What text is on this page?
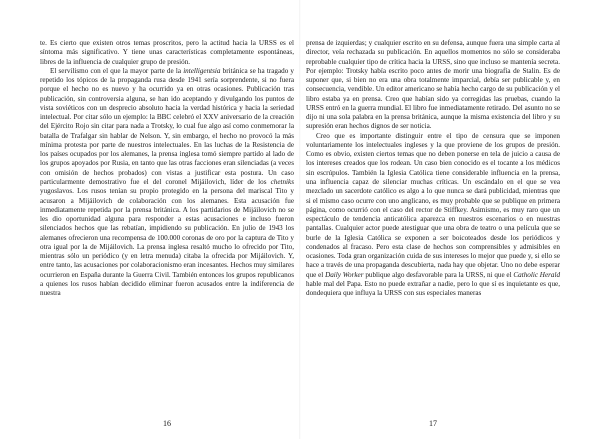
te. Es cierto que existen otros temas proscritos, pero la actitud hacia la URSS es el síntoma más significativo. Y tiene unas características completamente espontáneas, libres de la influencia de cualquier grupo de presión.

El servilismo con el que la mayor parte de la intelligentsia británica se ha tragado y repetido los tópicos de la propaganda rusa desde 1941 sería sorprendente, si no fuera porque el hecho no es nuevo y ha ocurrido ya en otras ocasiones. Publicación tras publicación, sin controversia alguna, se han ido aceptando y divulgando los puntos de vista soviéticos con un desprecio absoluto hacia la verdad histórica y hacia la seriedad intelectual. Por citar sólo un ejemplo: la BBC celebró el XXV aniversario de la creación del Ejército Rojo sin citar para nada a Trotsky, lo cual fue algo así como conmemorar la batalla de Trafalgar sin hablar de Nelson. Y, sin embargo, el hecho no provocó la más mínima protesta por parte de nuestros intelectuales. En las luchas de la Resistencia de los países ocupados por los alemanes, la prensa inglesa tomó siempre partido al lado de los grupos apoyados por Rusia, en tanto que las otras facciones eran silenciadas (a veces con omisión de hechos probados) con vistas a justificar esta postura. Un caso particularmente demostrativo fue el del coronel Mijáilovich, líder de los chetniks yugoslavos. Los rusos tenían su propio protegido en la persona del mariscal Tito y acusaron a Mijáilovich de colaboración con los alemanes. Esta acusación fue inmediatamente repetida por la prensa británica. A los partidarios de Mijáilovich no se les dio oportunidad alguna para responder a estas acusaciones e incluso fueron silenciados hechos que las rebatían, impidiendo su publicación. En julio de 1943 los alemanes ofrecieron una recompensa de 100.000 coronas de oro por la captura de Tito y otra igual por la de Mijáilovich. La prensa inglesa resaltó mucho lo ofrecido por Tito, mientras sólo un periódico (y en letra menuda) citaba la ofrecida por Mijáilovich. Y, entre tanto, las acusaciones por colaboracionismo eran incesantes. Hechos muy similares ocurrieron en España durante la Guerra Civil. También entonces los grupos republicanos a quienes los rusos habían decidido eliminar fueron acusados entre la indiferencia de nuestra

16

prensa de izquierdas; y cualquier escrito en su defensa, aunque fuera una simple carta al director, veía rechazada su publicación. En aquellos momentos no sólo se consideraba reprobable cualquier tipo de crítica hacia la URSS, sino que incluso se mantenía secreta. Por ejemplo: Trotsky había escrito poco antes de morir una biografía de Stalin. Es de suponer que, si bien no era una obra totalmente imparcial, debía ser publicable y, en consecuencia, vendible. Un editor americano se había hecho cargo de su publicación y el libro estaba ya en prensa. Creo que habían sido ya corregidas las pruebas, cuando la URSS entró en la guerra mundial. El libro fue inmediatamente retirado. Del asunto no se dijo ni una sola palabra en la prensa británica, aunque la misma existencia del libro y su supresión eran hechos dignos de ser noticia.

Creo que es importante distinguir entre el tipo de censura que se imponen voluntariamente los intelectuales ingleses y la que proviene de los grupos de presión. Como es obvio, existen ciertos temas que no deben ponerse en tela de juicio a causa de los intereses creados que los rodean. Un caso bien conocido es el tocante a los médicos sin escrúpulos. También la Iglesia Católica tiene considerable influencia en la prensa, una influencia capaz de silenciar muchas críticas. Un escándalo en el que se vea mezclado un sacerdote católico es algo a lo que nunca se dará publicidad, mientras que si el mismo caso ocurre con uno anglicano, es muy probable que se publique en primera página, como ocurrió con el caso del rector de Stiffkey. Asimismo, es muy raro que un espectáculo de tendencia anticatólica aparezca en nuestros escenarios o en nuestras pantallas. Cualquier actor puede atestiguar que una obra de teatro o una película que se burle de la Iglesia Católica se exponen a ser boicoteados desde los periódicos y condenados al fracaso. Pero esta clase de hechos son comprensibles y admisibles en ocasiones. Toda gran organización cuida de sus intereses lo mejor que puede y, si ello se hace a través de una propaganda descubierta, nada hay que objetar. Uno no debe esperar que el Daily Worker publique algo desfavorable para la URSS, ni que el Catholic Herald hable mal del Papa. Esto no puede extrañar a nadie, pero lo que sí es inquietante es que, dondequiera que influya la URSS con sus especiales maneras

17
